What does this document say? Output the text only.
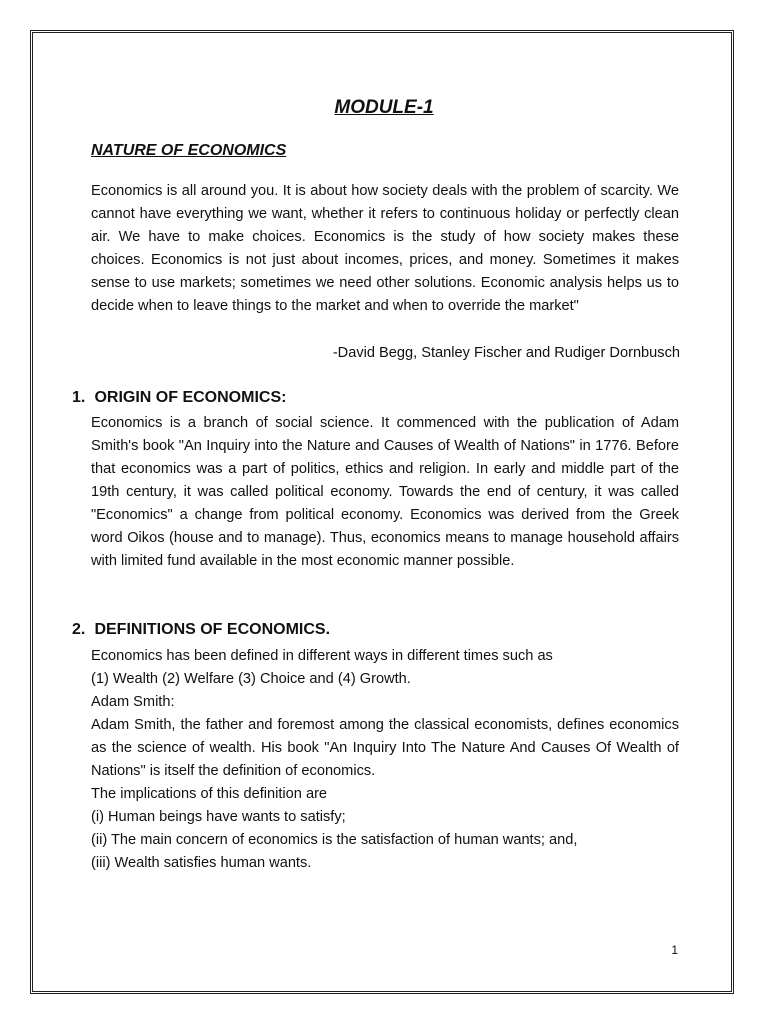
MODULE-1
NATURE OF ECONOMICS

Economics is all around you. It is about how society deals with the problem of scarcity. We cannot have everything we want, whether it refers to continuous holiday or perfectly clean air. We have to make choices. Economics is the study of how society makes these choices. Economics is not just about incomes, prices, and money. Sometimes it makes sense to use markets; sometimes we need other solutions. Economic analysis helps us to decide when to leave things to the market and when to override the market"

-David Begg, Stanley Fischer and Rudiger Dornbusch
1. ORIGIN OF ECONOMICS:

Economics is a branch of social science. It commenced with the publication of Adam Smith's book "An Inquiry into the Nature and Causes of Wealth of Nations" in 1776. Before that economics was a part of politics, ethics and religion. In early and middle part of the 19th century, it was called political economy. Towards the end of century, it was called "Economics" a change from political economy. Economics was derived from the Greek word Oikos (house and to manage). Thus, economics means to manage household affairs with limited fund available in the most economic manner possible.

2. DEFINITIONS OF ECONOMICS.
Economics has been defined in different ways in different times such as
(1) Wealth (2) Welfare (3) Choice and (4) Growth.
Adam Smith:

Adam Smith, the father and foremost among the classical economists, defines economics as the science of wealth. His book "An Inquiry Into The Nature And Causes Of Wealth of Nations" is itself the definition of economics.

The implications of this definition are
(i) Human beings have wants to satisfy;
(ii) The main concern of economics is the satisfaction of human wants; and,
(iii) Wealth satisfies human wants.
1
